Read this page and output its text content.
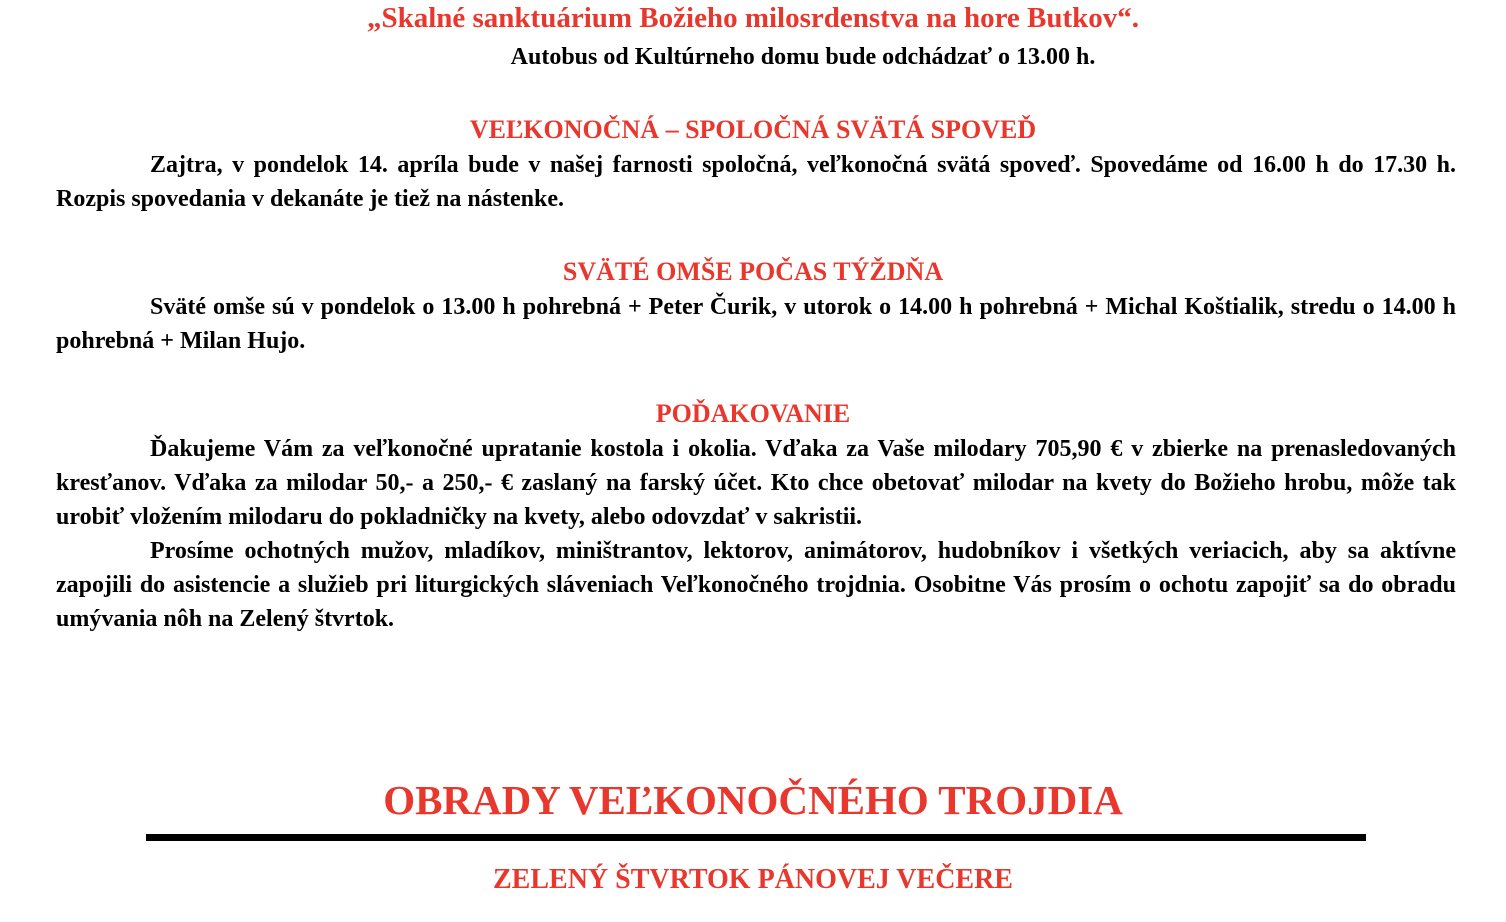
„Skalné sanktuárium Božieho milosrdenstva na hore Butkov“.
Autobus od Kultúrneho domu bude odchádzať o 13.00 h.
VEĽKONOČNÁ – SPOLOČNÁ SVÄTÁ SPOVEĎ
Zajtra, v pondelok 14. apríla bude v našej farnosti spoločná, veľkonočná svätá spoveď. Spovedáme od 16.00 h do 17.30 h. Rozpis spovedania v dekanáte je tiež na nástenke.
SVÄTÉ OMŠE POČAS TÝŽDŇA
Sväté omše sú v pondelok o 13.00 h pohrebná + Peter Čurik, v utorok o 14.00 h pohrebná + Michal Koštialik, stredu o 14.00 h pohrebná + Milan Hujo.
POĎAKOVANIE
Ďakujeme Vám za veľkonočné upratanie kostola i okolia. Vďaka za Vaše milodary 705,90 € v zbierke na prenasledovaných kresťanov. Vďaka za milodar 50,- a 250,- € zaslaný na farský účet. Kto chce obetovať milodar na kvety do Božieho hrobu, môže tak urobiť vložením milodaru do pokladničky na kvety, alebo odovzdať v sakristii.
Prosíme ochotných mužov, mladíkov, miništrantov, lektorov, animátorov, hudobníkov i všetkých veriacich, aby sa aktívne zapojili do asistencie a služieb pri liturgických sláveniach Veľkonočného trojdnia. Osobitne Vás prosím o ochotu zapojiť sa do obradu umývania nôh na Zelený štvrtok.
OBRADY VEĽKONOČNÉHO TROJDIA
ZELENÝ ŠTVRTOK PÁNOVEJ VEČERE
